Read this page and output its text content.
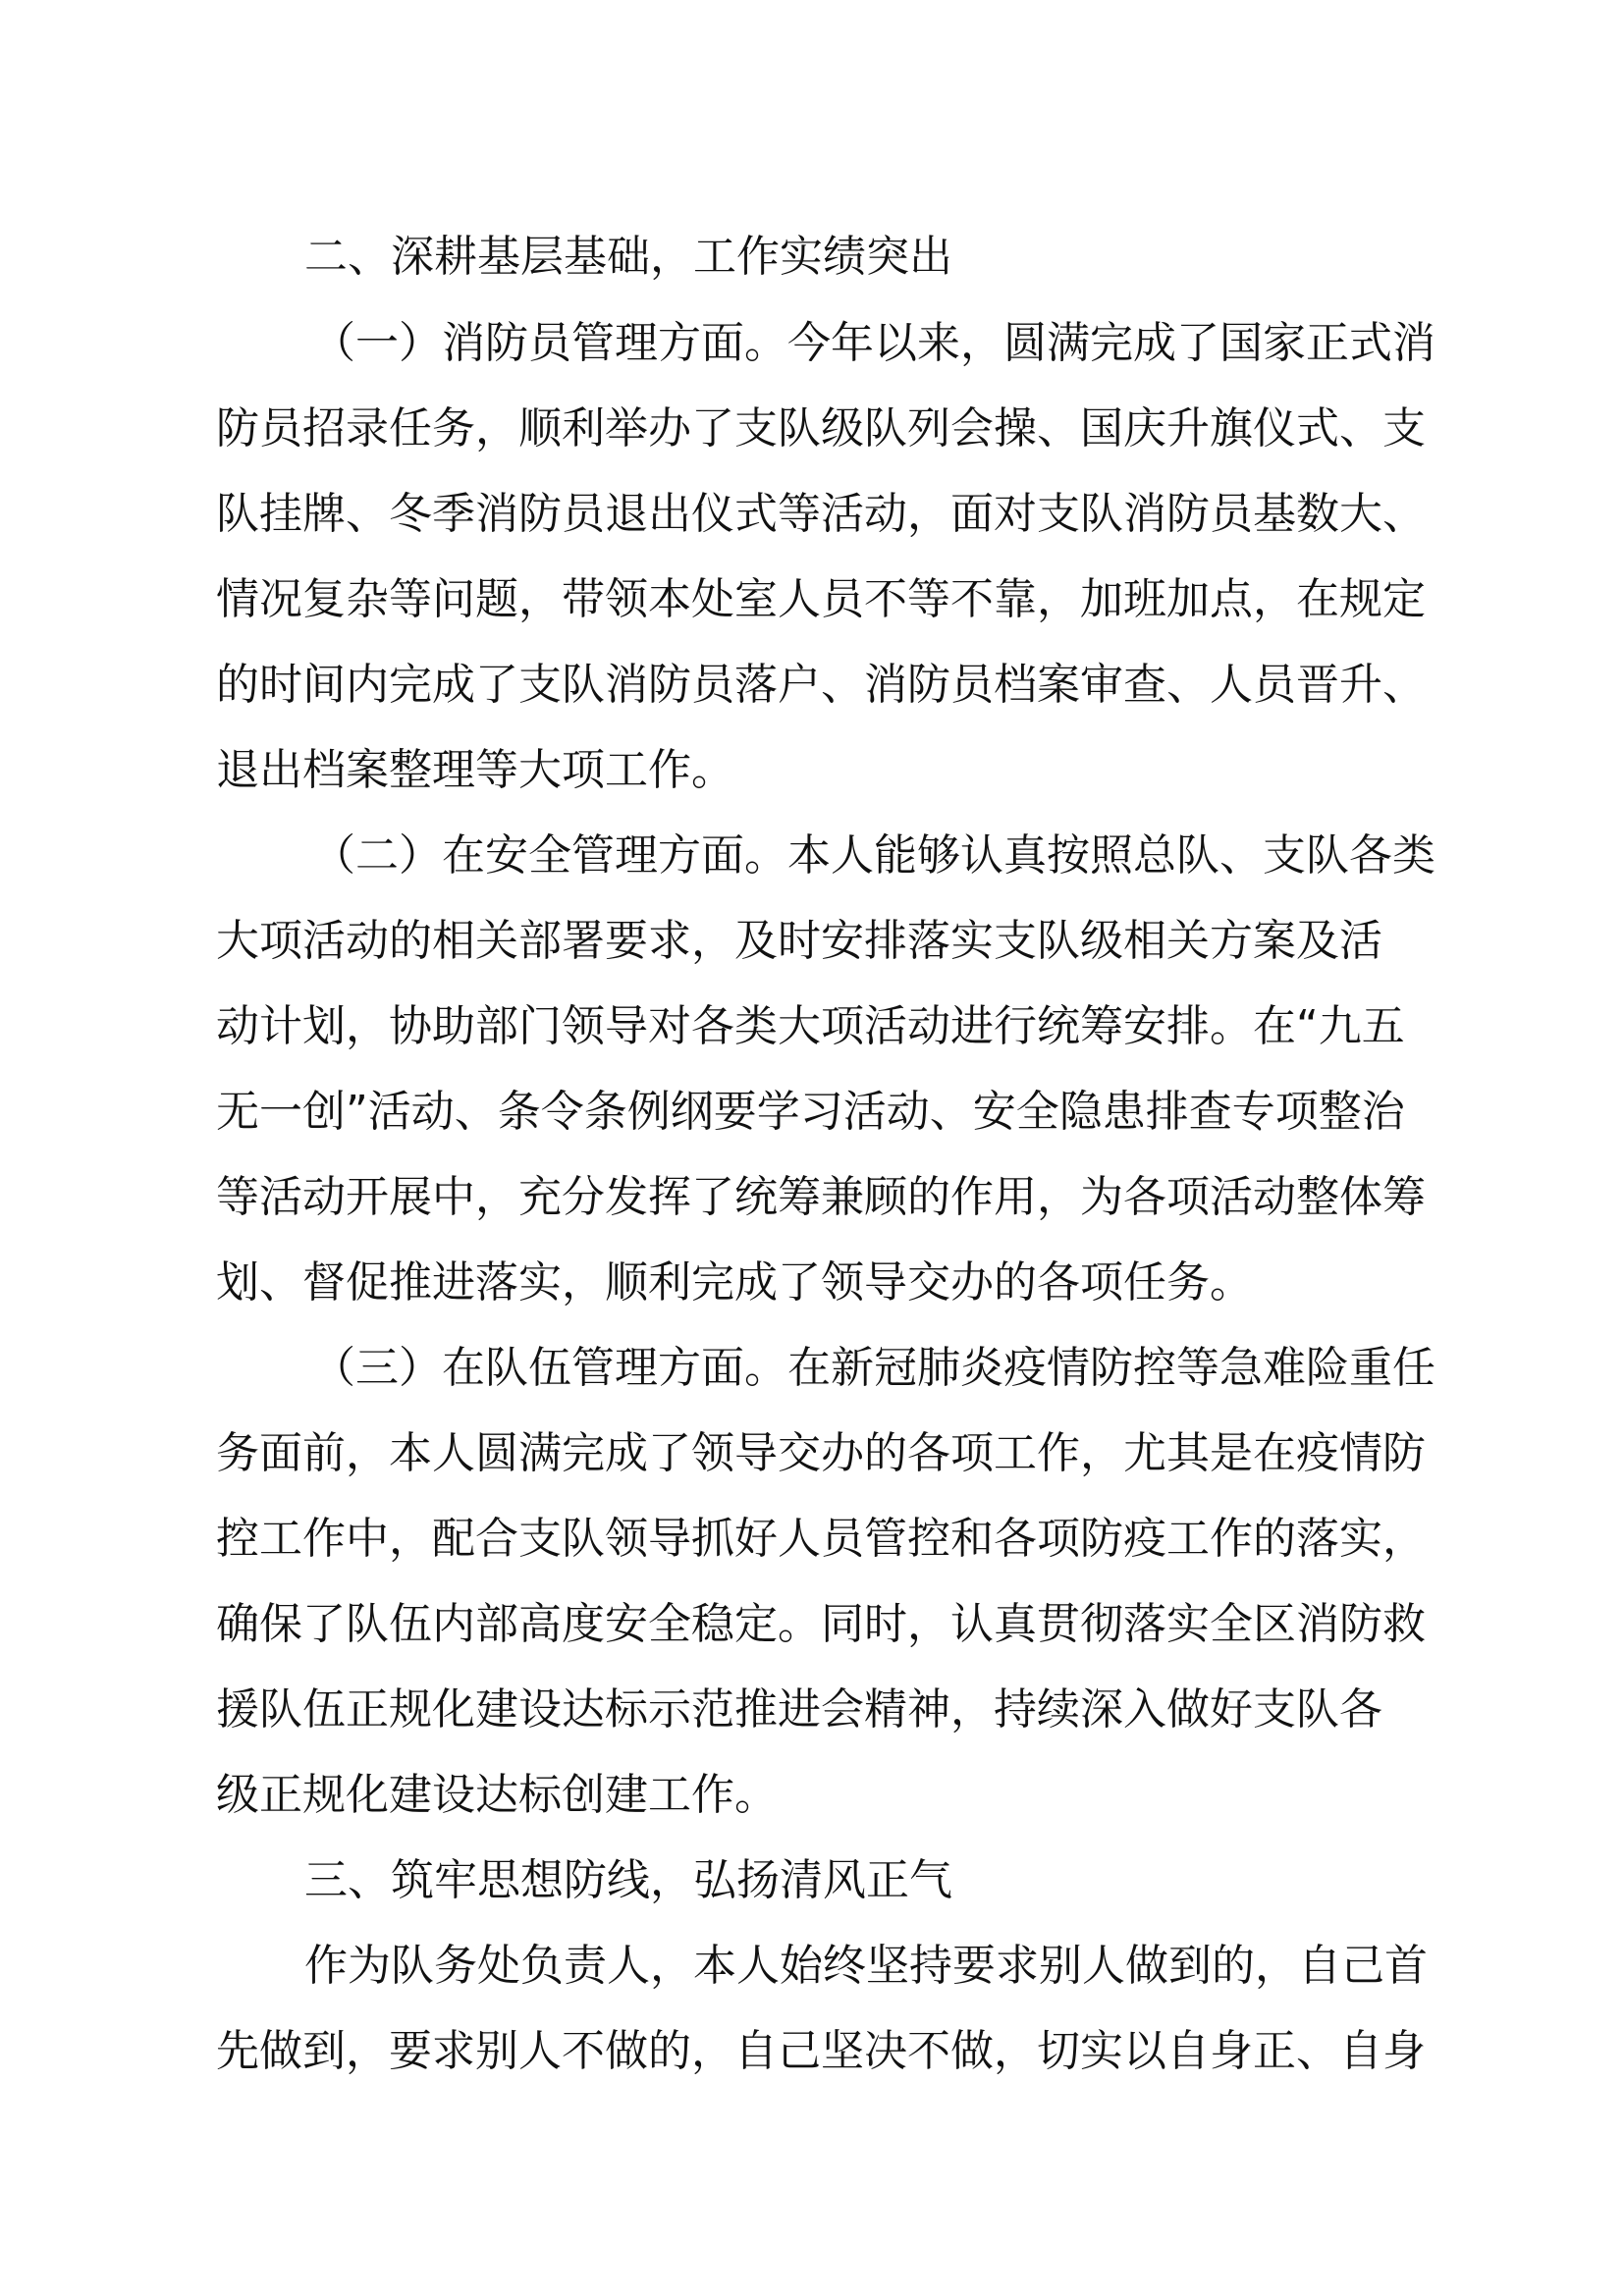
二、深耕基层基础，工作实绩突出
（一）消防员管理方面。今年以来，圆满完成了国家正式消
防员招录任务，顺利举办了支队级队列会操、国庆升旗仪式、支
队挂牌、冬季消防员退出仪式等活动，面对支队消防员基数大、
情况复杂等问题，带领本处室人员不等不靠，加班加点，在规定
的时间内完成了支队消防员落户、消防员档案审查、人员晋升、
退出档案整理等大项工作。
（二）在安全管理方面。本人能够认真按照总队、支队各类
大项活动的相关部署要求，及时安排落实支队级相关方案及活
动计划，协助部门领导对各类大项活动进行统筹安排。在“九五
无一创”活动、条令条例纲要学习活动、安全隐患排查专项整治
等活动开展中，充分发挥了统筹兼顾的作用，为各项活动整体筹
划、督促推进落实，顺利完成了领导交办的各项任务。
（三）在队伍管理方面。在新冠肺炎疫情防控等急难险重任
务面前，本人圆满完成了领导交办的各项工作，尤其是在疫情防
控工作中，配合支队领导抓好人员管控和各项防疫工作的落实，
确保了队伍内部高度安全稳定。同时，认真贯彻落实全区消防救
援队伍正规化建设达标示范推进会精神，持续深入做好支队各
级正规化建设达标创建工作。
三、筑牢思想防线，弘扬清风正气
作为队务处负责人，本人始终坚持要求别人做到的，自己首
先做到，要求别人不做的，自己坚决不做，切实以自身正、自身
